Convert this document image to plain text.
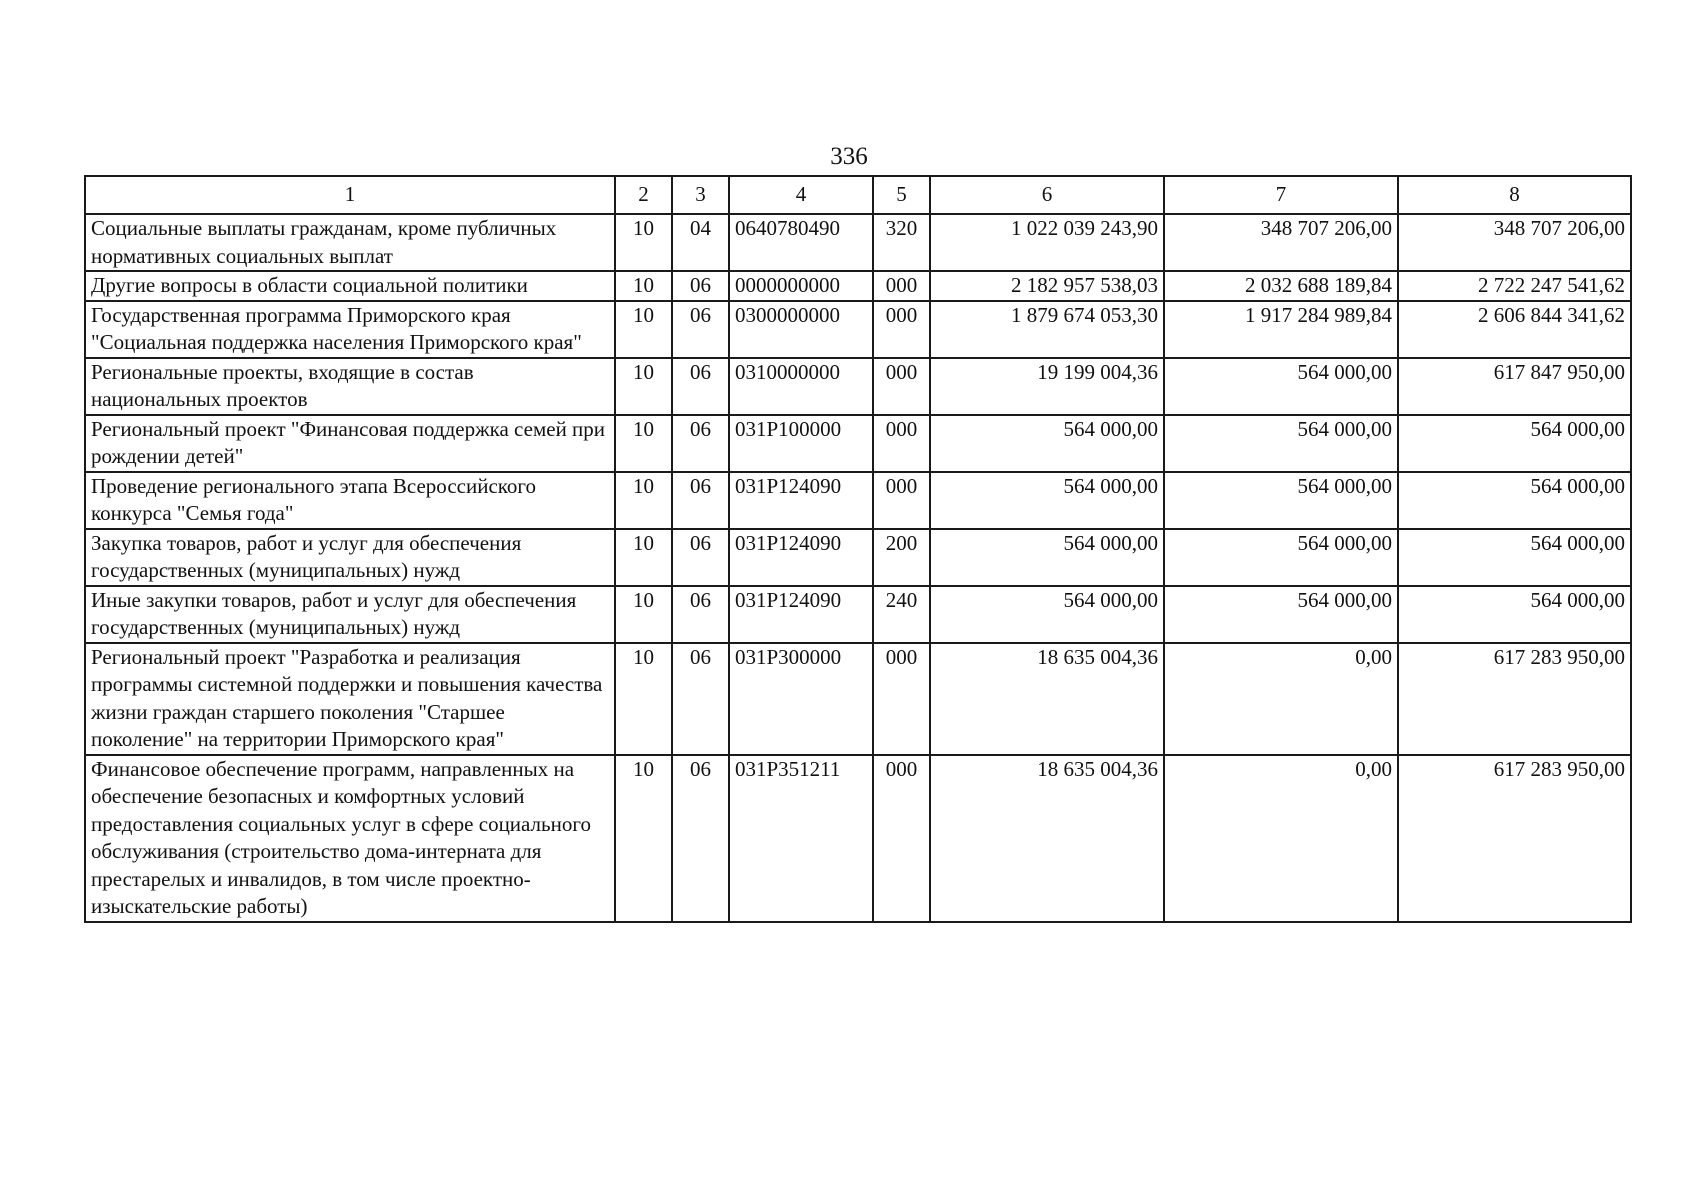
336
1	2	3	4	5	6	7	8
Социальные выплаты гражданам, кроме публичных нормативных социальных выплат	10	04	0640780490	320	1 022 039 243,90	348 707 206,00	348 707 206,00
Другие вопросы в области социальной политики	10	06	0000000000	000	2 182 957 538,03	2 032 688 189,84	2 722 247 541,62
Государственная программа Приморского края "Социальная поддержка населения Приморского края"	10	06	0300000000	000	1 879 674 053,30	1 917 284 989,84	2 606 844 341,62
Региональные проекты, входящие в состав национальных проектов	10	06	0310000000	000	19 199 004,36	564 000,00	617 847 950,00
Региональный проект "Финансовая поддержка семей при рождении детей"	10	06	031P100000	000	564 000,00	564 000,00	564 000,00
Проведение регионального этапа Всероссийского конкурса "Семья года"	10	06	031P124090	000	564 000,00	564 000,00	564 000,00
Закупка товаров, работ и услуг для обеспечения государственных (муниципальных) нужд	10	06	031P124090	200	564 000,00	564 000,00	564 000,00
Иные закупки товаров, работ и услуг для обеспечения государственных (муниципальных) нужд	10	06	031P124090	240	564 000,00	564 000,00	564 000,00
Региональный проект "Разработка и реализация программы системной поддержки и повышения качества жизни граждан старшего поколения "Старшее поколение" на территории Приморского края"	10	06	031P300000	000	18 635 004,36	0,00	617 283 950,00
Финансовое обеспечение программ, направленных на обеспечение безопасных и комфортных условий предоставления социальных услуг в сфере социального обслуживания (строительство дома-интерната для престарелых и инвалидов, в том числе проектно-изыскательские работы)	10	06	031P351211	000	18 635 004,36	0,00	617 283 950,00
